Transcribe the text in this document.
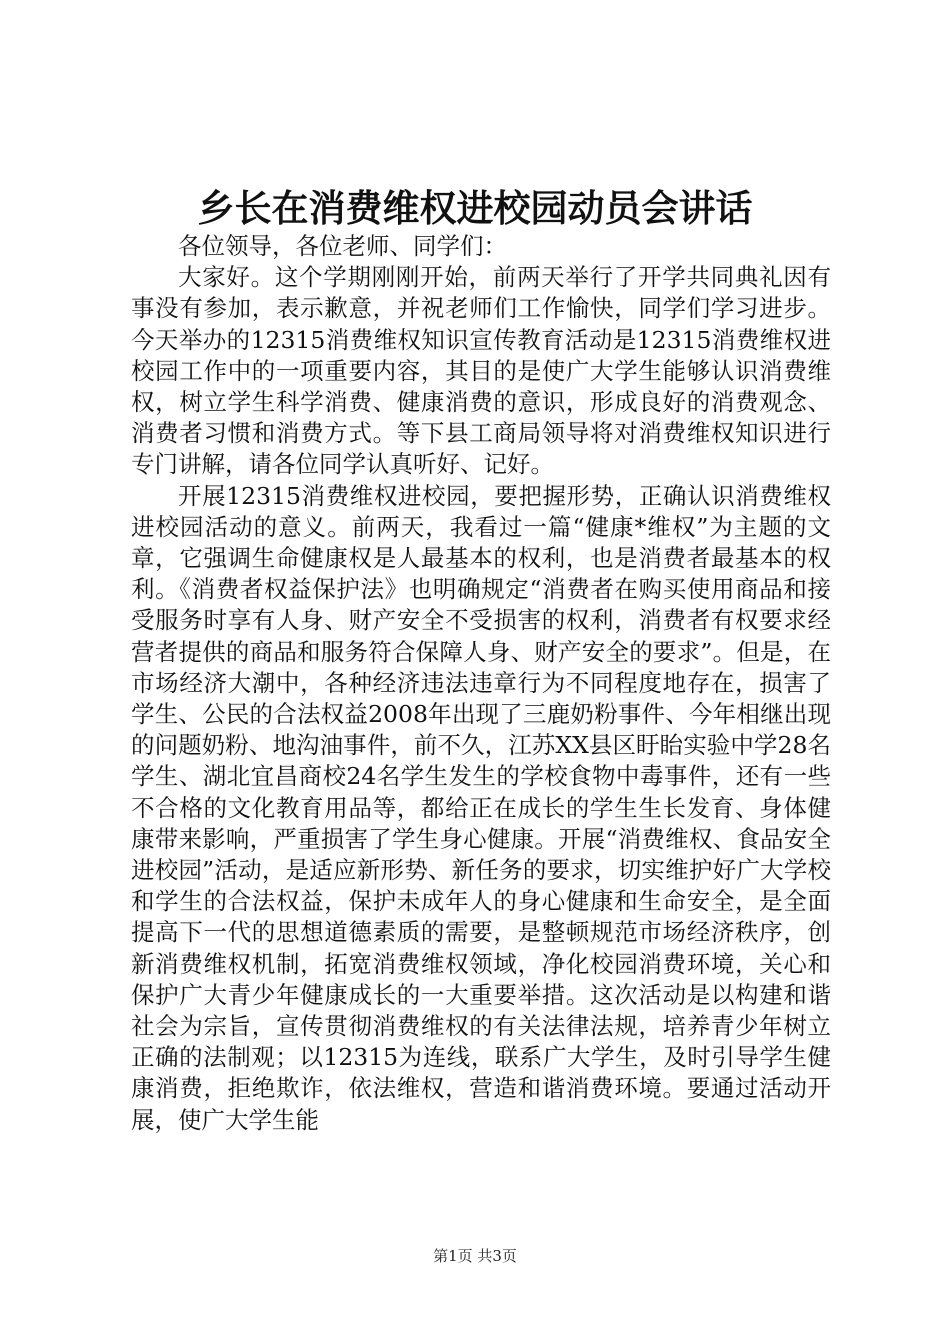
乡长在消费维权进校园动员会讲话

各位领导，各位老师、同学们：

大家好。这个学期刚刚开始，前两天举行了开学共同典礼因有事没有参加，表示歉意，并祝老师们工作愉快，同学们学习进步。今天举办的12315消费维权知识宣传教育活动是12315消费维权进校园工作中的一项重要内容，其目的是使广大学生能够认识消费维权，树立学生科学消费、健康消费的意识，形成良好的消费观念、消费者习惯和消费方式。等下县工商局领导将对消费维权知识进行专门讲解，请各位同学认真听好、记好。

开展12315消费维权进校园，要把握形势，正确认识消费维权进校园活动的意义。前两天，我看过一篇“健康*维权”为主题的文章，它强调生命健康权是人最基本的权利，也是消费者最基本的权利。《消费者权益保护法》也明确规定“消费者在购买使用商品和接受服务时享有人身、财产安全不受损害的权利，消费者有权要求经营者提供的商品和服务符合保障人身、财产安全的要求”。但是，在市场经济大潮中，各种经济违法违章行为不同程度地存在，损害了学生、公民的合法权益2008年出现了三鹿奶粉事件、今年相继出现的问题奶粉、地沟油事件，前不久，江苏XX县区盱眙实验中学28名学生、湖北宜昌商校24名学生发生的学校食物中毒事件，还有一些不合格的文化教育用品等，都给正在成长的学生生长发育、身体健康带来影响，严重损害了学生身心健康。开展“消费维权、食品安全进校园”活动，是适应新形势、新任务的要求，切实维护好广大学校和学生的合法权益，保护未成年人的身心健康和生命安全，是全面提高下一代的思想道德素质的需要，是整顿规范市场经济秩序，创新消费维权机制，拓宽消费维权领域，净化校园消费环境，关心和保护广大青少年健康成长的一大重要举措。这次活动是以构建和谐社会为宗旨，宣传贯彻消费维权的有关法律法规，培养青少年树立正确的法制观；以12315为连线，联系广大学生，及时引导学生健康消费，拒绝欺诈，依法维权，营造和谐消费环境。要通过活动开展，使广大学生能

第1页 共3页
